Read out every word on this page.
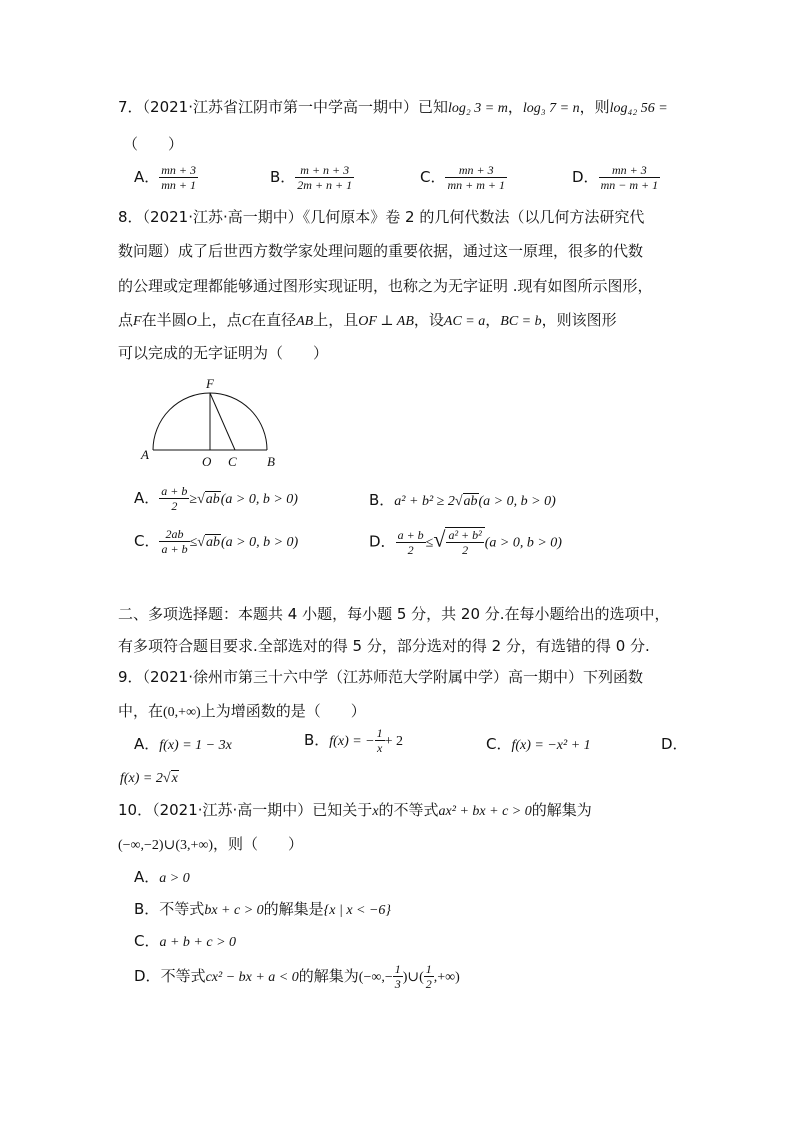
7．（2021·江苏省江阴市第一中学高一期中）已知log₂ 3 = m，log₃ 7 = n，则log₄₂ 56 =
（　　）
A． $\frac{mn + 3}{mn + 1}$	B． $\frac{m + n + 3}{2m + n + 1}$	C． $\frac{mn + 3}{mn + m + 1}$	D． $\frac{mn + 3}{mn - m + 1}$
8．（2021·江苏·高一期中）《几何原本》卷 2 的几何代数法（以几何方法研究代
数问题）成了后世西方数学家处理问题的重要依据，通过这一原理，很多的代数
的公理或定理都能够通过图形实现证明，也称之为无字证明 .现有如图所示图形，
点F在半圆O上，点C在直径AB上，且OF ⊥ AB，设AC = a，BC = b，则该图形
可以完成的无字证明为（　　）
F
A	O C B
A． $\frac{a + b}{2} \ge√ab(a > 0$, b > 0)	B．a² + b² ≥ 2√ab(a > 0, b > 0)
C． $\frac{2ab}{a + b} \le√ab(a > 0$, b > 0)	D． $\frac{a + b}{2}$ ≤√ $\frac{\text{a² + b²}}{2} (a > 0$, b > 0)
二、多项选择题：本题共 4 小题，每小题 5 分，共 20 分.在每小题给出的选项中，
有多项符合题目要求.全部选对的得 5 分，部分选对的得 2 分，有选错的得 0 分.
9．（2021·徐州市第三十六中学（江苏师范大学附属中学）高一期中）下列函数
中，在(0,+∞)上为增函数的是（　　）
A．f(x) = 1 − 3x	B．f(x) = − $\frac{1}{x} + 2$	C．f(x) = −x² + 1	D．
f(x) = 2√x
10．（2021·江苏·高一期中）已知关于x的不等式ax² + bx + c > 0的解集为
(−∞,−2)∪(3,+∞)，则（　　）
A．a > 0
B．不等式bx + c > 0的解集是{x | x < −6}
C．a + b + c > 0
D．不等式cx² − bx + a < 0的解集为(−∞,− $\frac{1}{3}$ )∪( $\frac{1}{2}$ ,+∞)
